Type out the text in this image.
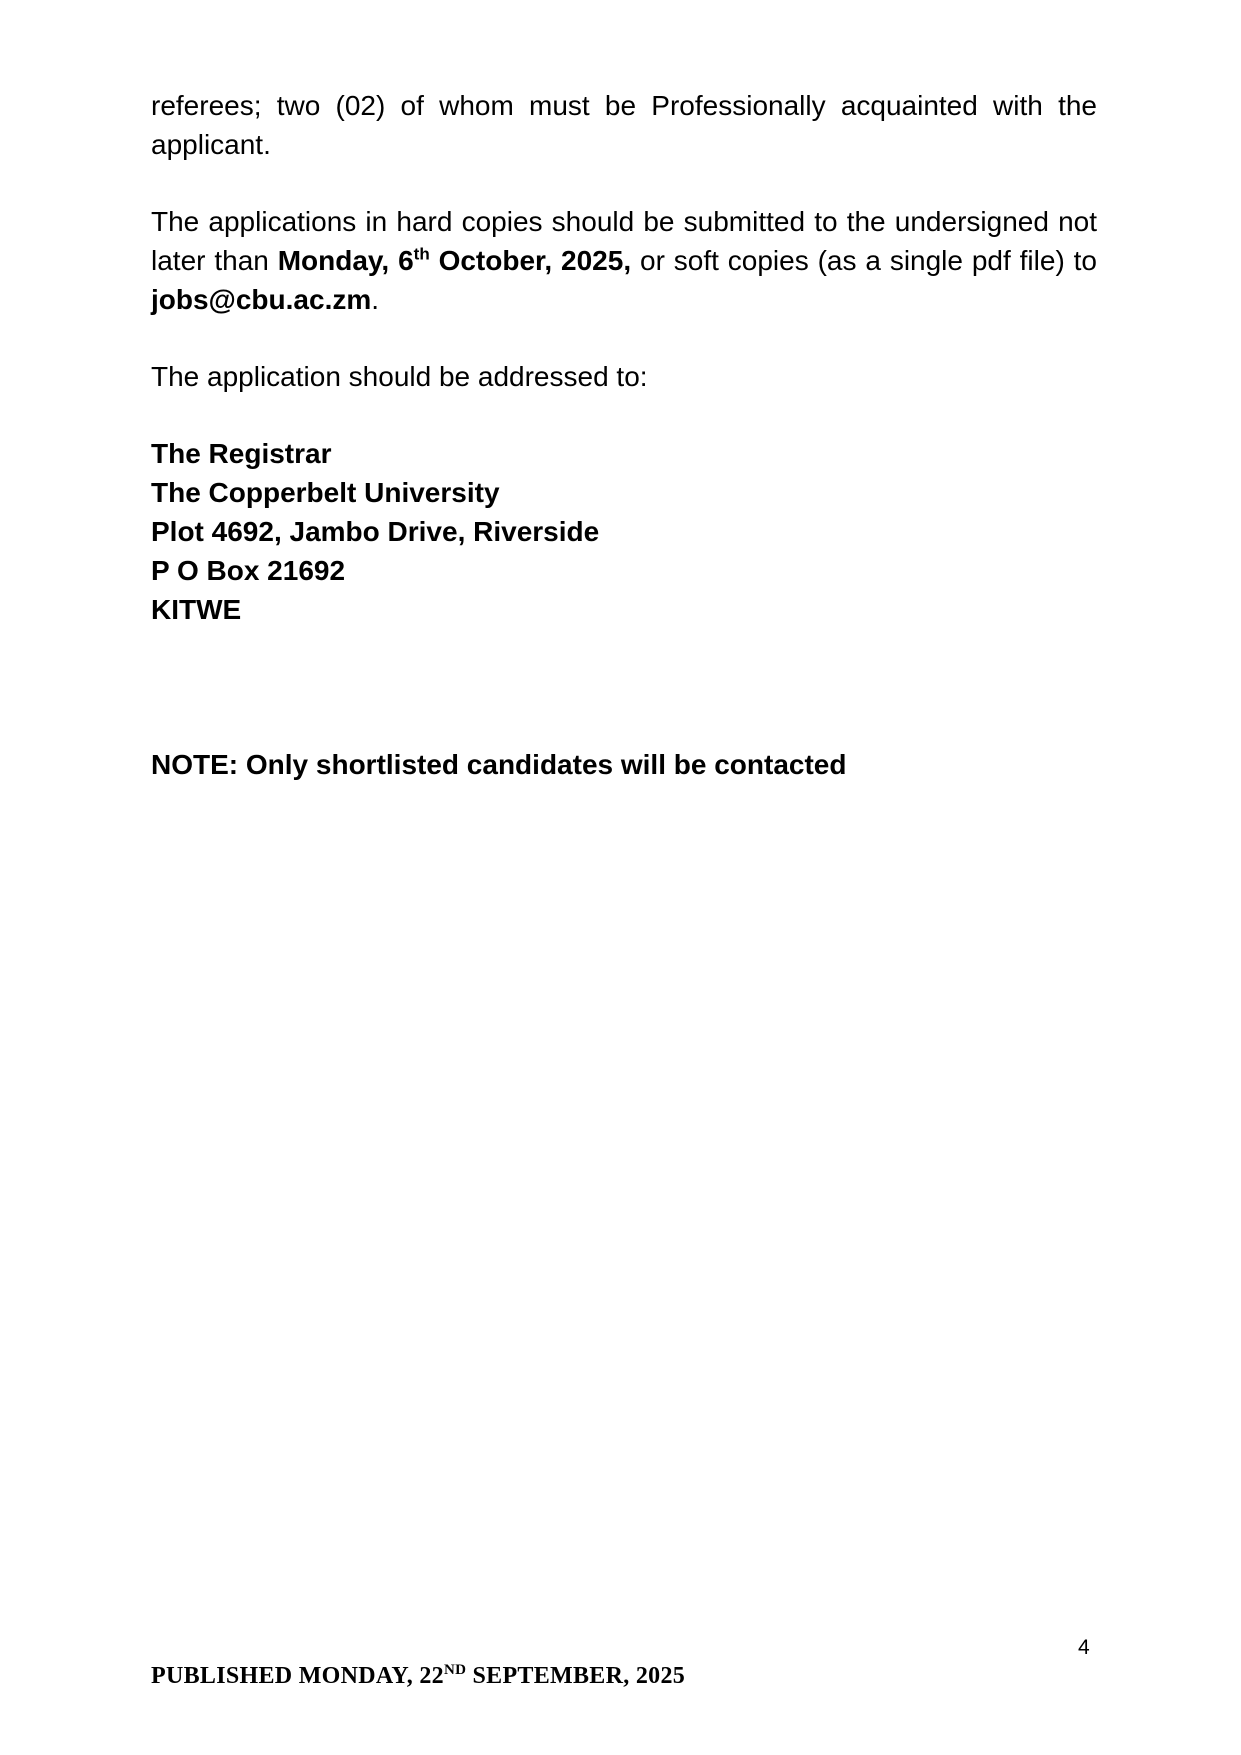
referees; two (02) of whom must be Professionally acquainted with the applicant.

The applications in hard copies should be submitted to the undersigned not later than Monday, 6th October, 2025, or soft copies (as a single pdf file) to jobs@cbu.ac.zm.

The application should be addressed to:

The Registrar
The Copperbelt University
Plot 4692, Jambo Drive, Riverside
P O Box 21692
KITWE

NOTE: Only shortlisted candidates will be contacted

4
PUBLISHED MONDAY, 22ND SEPTEMBER, 2025
